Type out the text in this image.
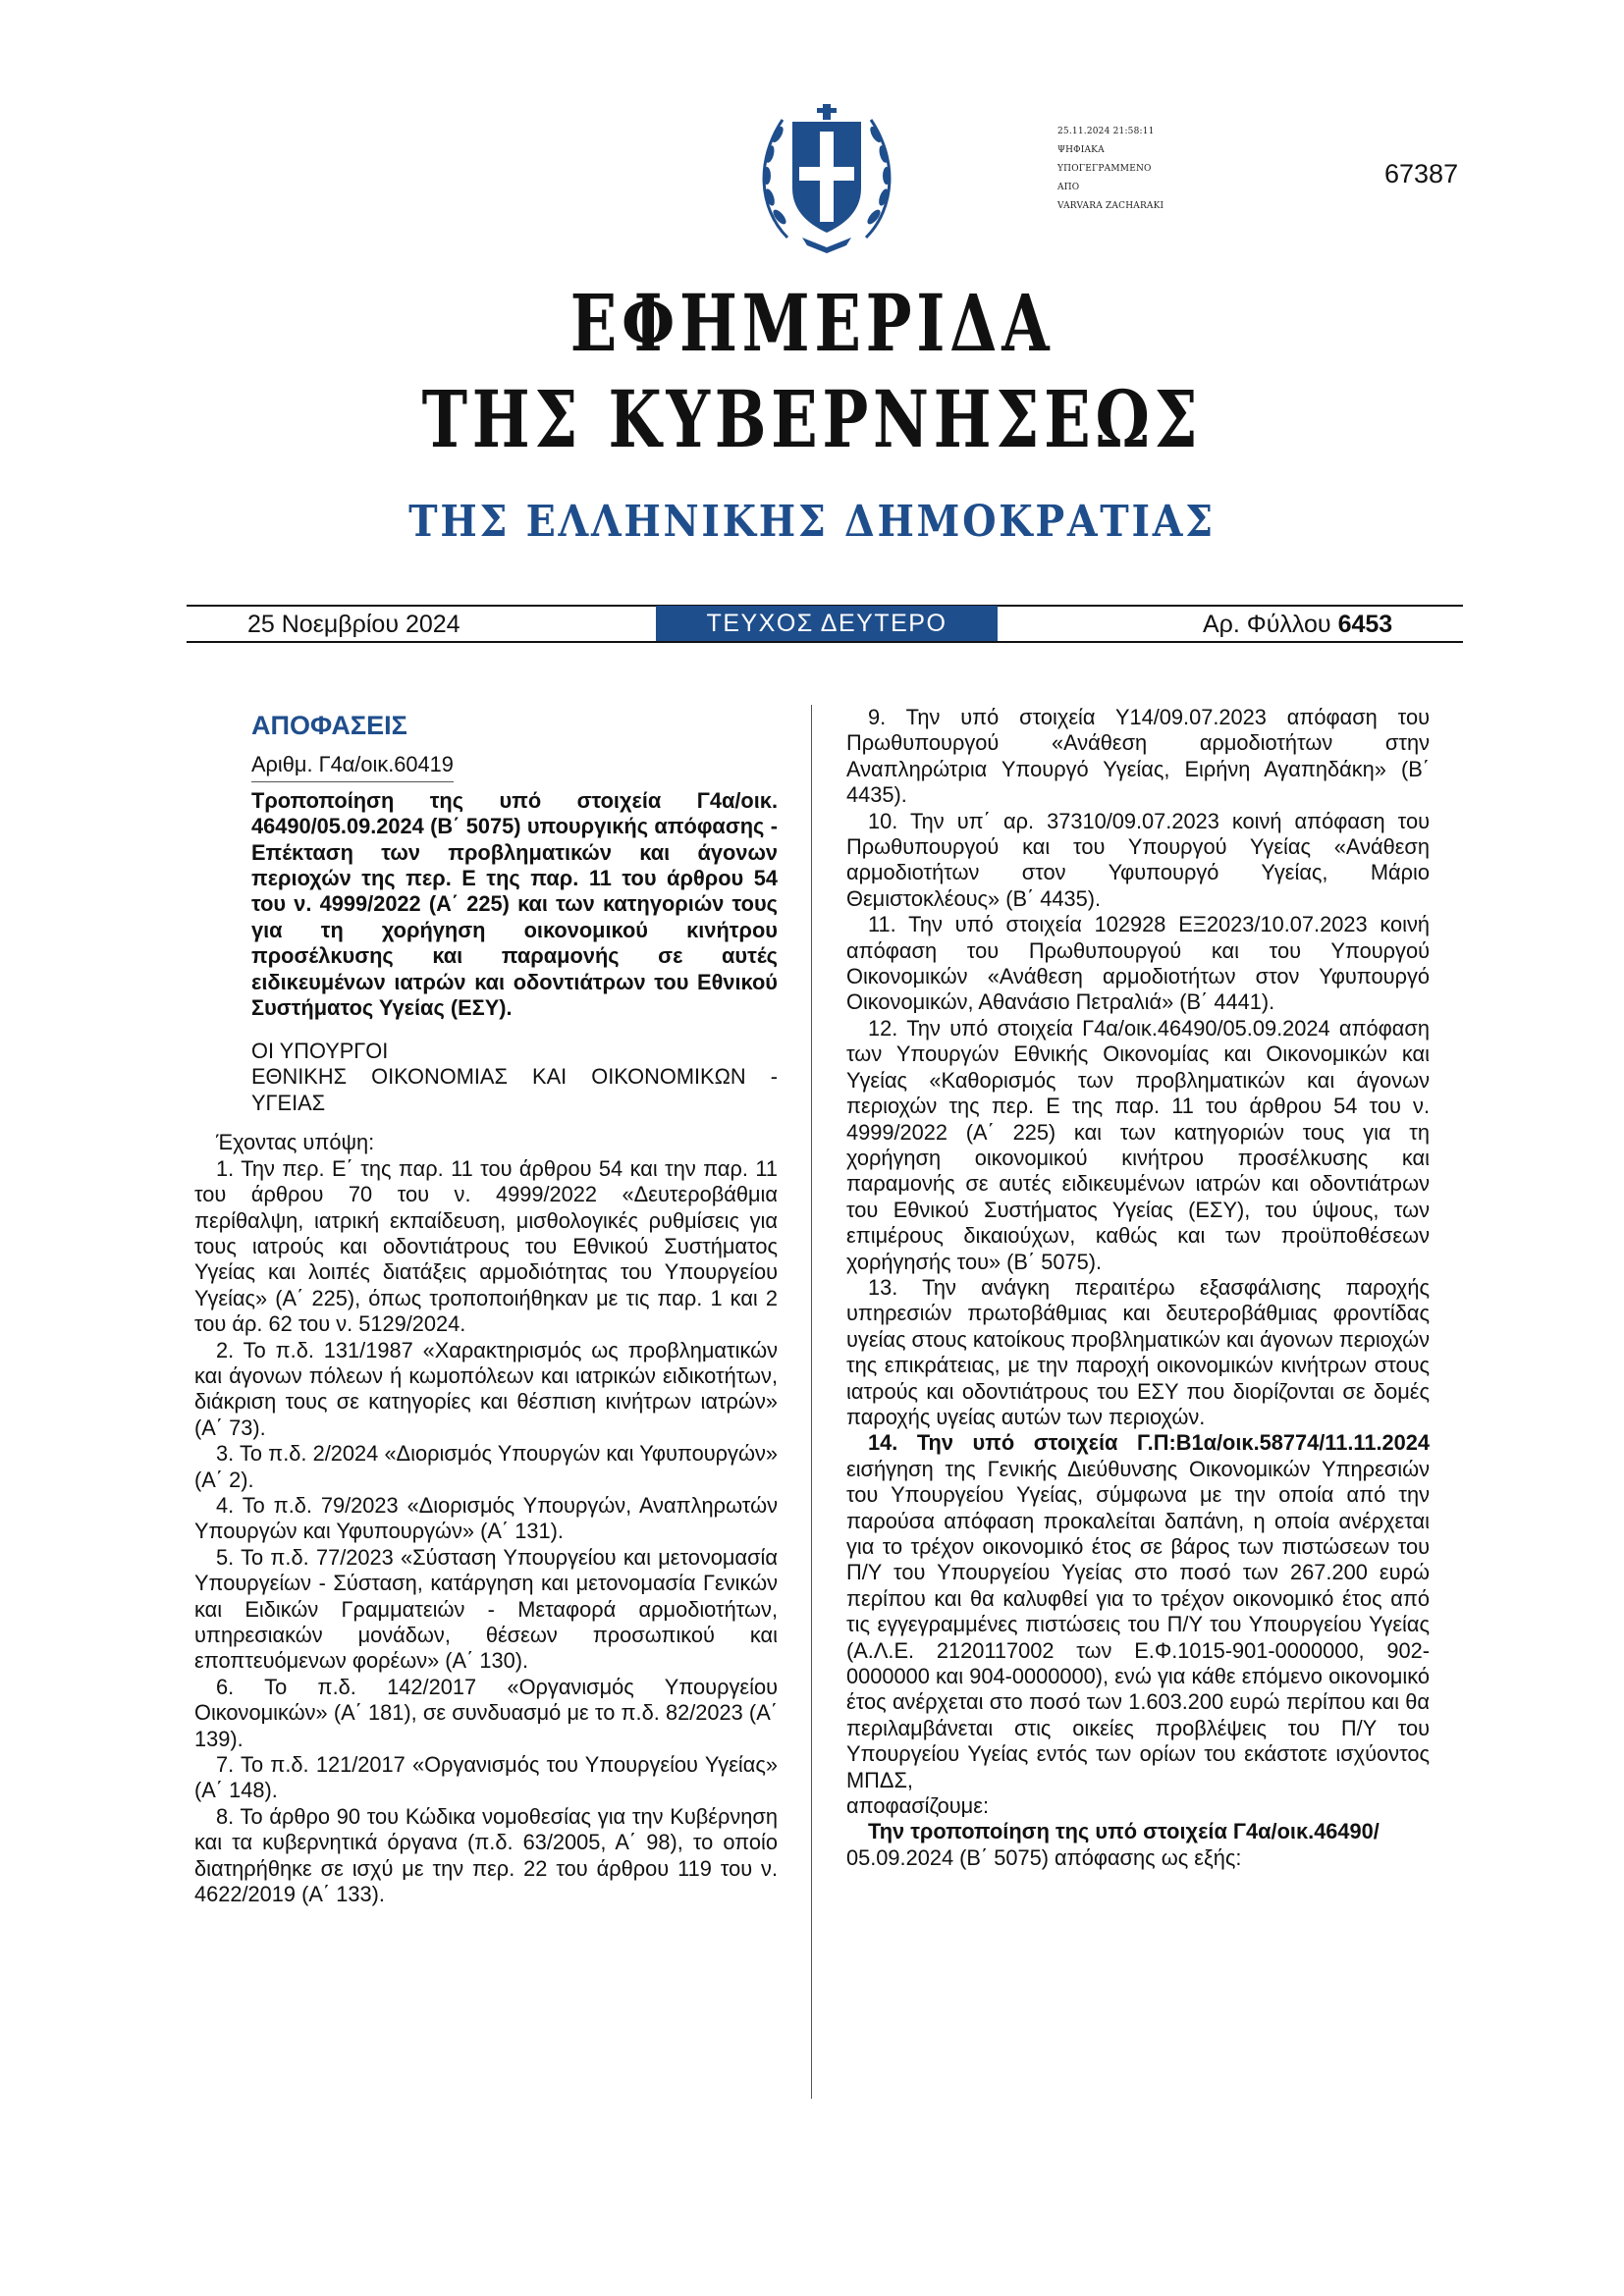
25.11.2024 21:58:11
ΨΗΦΙΑΚΑ
ΥΠΟΓΕΓΡΑΜΜΕΝΟ
ΑΠΟ
VARVARA ZACHARAKI
67387
ΕΦΗΜΕΡΙΔΑ
ΤΗΣ ΚΥΒΕΡΝΗΣΕΩΣ
ΤΗΣ ΕΛΛΗΝΙΚΗΣ ΔΗΜΟΚΡΑΤΙΑΣ
25 Νοεμβρίου 2024	ΤΕΥΧΟΣ ΔΕΥΤΕΡΟ	Αρ. Φύλλου 6453

ΑΠΟΦΑΣΕΙΣ

Αριθμ. Γ4α/οικ.60419

Τροποποίηση της υπό στοιχεία Γ4α/οικ. 46490/05.09.2024 (Β΄ 5075) υπουργικής απόφασης - Επέκταση των προβληματικών και άγονων περιοχών της περ. Ε της παρ. 11 του άρθρου 54 του ν. 4999/2022 (Α΄ 225) και των κατηγοριών τους για τη χορήγηση οικονομικού κινήτρου προσέλκυσης και παραμονής σε αυτές ειδικευμένων ιατρών και οδοντιάτρων του Εθνικού Συστήματος Υγείας (ΕΣΥ).

ΟΙ ΥΠΟΥΡΓΟΙ

ΕΘΝΙΚΗΣ ΟΙΚΟΝΟΜΙΑΣ ΚΑΙ ΟΙΚΟΝΟΜΙΚΩΝ - ΥΓΕΙΑΣ

Έχοντας υπόψη:

1. Την περ. Ε΄ της παρ. 11 του άρθρου 54 και την παρ. 11 του άρθρου 70 του ν. 4999/2022 «Δευτεροβάθμια περίθαλψη, ιατρική εκπαίδευση, μισθολογικές ρυθμίσεις για τους ιατρούς και οδοντιάτρους του Εθνικού Συστήματος Υγείας και λοιπές διατάξεις αρμοδιότητας του Υπουργείου Υγείας» (Α΄ 225), όπως τροποποιήθηκαν με τις παρ. 1 και 2 του άρ. 62 του ν. 5129/2024.

2. Το π.δ. 131/1987 «Χαρακτηρισμός ως προβληματικών και άγονων πόλεων ή κωμοπόλεων και ιατρικών ειδικοτήτων, διάκριση τους σε κατηγορίες και θέσπιση κινήτρων ιατρών» (Α΄ 73).

3. Το π.δ. 2/2024 «Διορισμός Υπουργών και Υφυπουργών» (Α΄ 2).

4. Το π.δ. 79/2023 «Διορισμός Υπουργών, Αναπληρωτών Υπουργών και Υφυπουργών» (Α΄ 131).

5. Το π.δ. 77/2023 «Σύσταση Υπουργείου και μετονομασία Υπουργείων - Σύσταση, κατάργηση και μετονομασία Γενικών και Ειδικών Γραμματειών - Μεταφορά αρμοδιοτήτων, υπηρεσιακών μονάδων, θέσεων προσωπικού και εποπτευόμενων φορέων» (Α΄ 130).

6. Το π.δ. 142/2017 «Οργανισμός Υπουργείου Οικονομικών» (Α΄ 181), σε συνδυασμό με το π.δ. 82/2023 (Α΄ 139).

7. Το π.δ. 121/2017 «Οργανισμός του Υπουργείου Υγείας» (Α΄ 148).

8. Το άρθρο 90 του Κώδικα νομοθεσίας για την Κυβέρνηση και τα κυβερνητικά όργανα (π.δ. 63/2005, Α΄ 98), το οποίο διατηρήθηκε σε ισχύ με την περ. 22 του άρθρου 119 του ν. 4622/2019 (Α΄ 133).

9. Την υπό στοιχεία Υ14/09.07.2023 απόφαση του Πρωθυπουργού «Ανάθεση αρμοδιοτήτων στην Αναπληρώτρια Υπουργό Υγείας, Ειρήνη Αγαπηδάκη» (Β΄ 4435).

10. Την υπ΄ αρ. 37310/09.07.2023 κοινή απόφαση του Πρωθυπουργού και του Υπουργού Υγείας «Ανάθεση αρμοδιοτήτων στον Υφυπουργό Υγείας, Μάριο Θεμιστοκλέους» (Β΄ 4435).

11. Την υπό στοιχεία 102928 ΕΞ2023/10.07.2023 κοινή απόφαση του Πρωθυπουργού και του Υπουργού Οικονομικών «Ανάθεση αρμοδιοτήτων στον Υφυπουργό Οικονομικών, Αθανάσιο Πετραλιά» (Β΄ 4441).

12. Την υπό στοιχεία Γ4α/οικ.46490/05.09.2024 απόφαση των Υπουργών Εθνικής Οικονομίας και Οικονομικών και Υγείας «Καθορισμός των προβληματικών και άγονων περιοχών της περ. Ε της παρ. 11 του άρθρου 54 του ν. 4999/2022 (Α΄ 225) και των κατηγοριών τους για τη χορήγηση οικονομικού κινήτρου προσέλκυσης και παραμονής σε αυτές ειδικευμένων ιατρών και οδοντιάτρων του Εθνικού Συστήματος Υγείας (ΕΣΥ), του ύψους, των επιμέρους δικαιούχων, καθώς και των προϋποθέσεων χορήγησής του» (Β΄ 5075).

13. Την ανάγκη περαιτέρω εξασφάλισης παροχής υπηρεσιών πρωτοβάθμιας και δευτεροβάθμιας φροντίδας υγείας στους κατοίκους προβληματικών και άγονων περιοχών της επικράτειας, με την παροχή οικονομικών κινήτρων στους ιατρούς και οδοντιάτρους του ΕΣΥ που διορίζονται σε δομές παροχής υγείας αυτών των περιοχών.

14. Την υπό στοιχεία Γ.Π:Β1α/οικ.58774/11.11.2024 εισήγηση της Γενικής Διεύθυνσης Οικονομικών Υπηρεσιών του Υπουργείου Υγείας, σύμφωνα με την οποία από την παρούσα απόφαση προκαλείται δαπάνη, η οποία ανέρχεται για το τρέχον οικονομικό έτος σε βάρος των πιστώσεων του Π/Υ του Υπουργείου Υγείας στο ποσό των 267.200 ευρώ περίπου και θα καλυφθεί για το τρέχον οικονομικό έτος από τις εγγεγραμμένες πιστώσεις του Π/Υ του Υπουργείου Υγείας (Α.Λ.Ε. 2120117002 των Ε.Φ.1015-901-0000000, 902-0000000 και 904-0000000), ενώ για κάθε επόμενο οικονομικό έτος ανέρχεται στο ποσό των 1.603.200 ευρώ περίπου και θα περιλαμβάνεται στις οικείες προβλέψεις του Π/Υ του Υπουργείου Υγείας εντός των ορίων του εκάστοτε ισχύοντος ΜΠΔΣ,

αποφασίζουμε:

Την τροποποίηση της υπό στοιχεία Γ4α/οικ.46490/
05.09.2024 (Β΄ 5075) απόφασης ως εξής:
